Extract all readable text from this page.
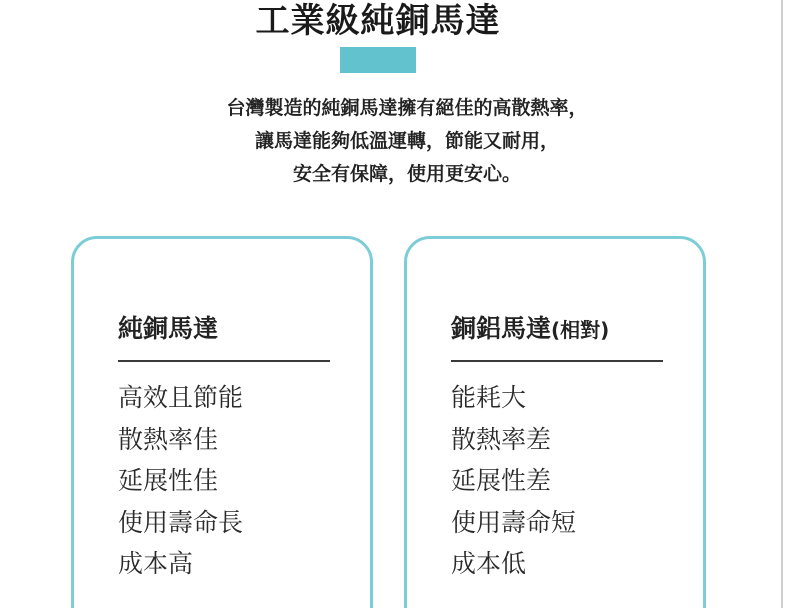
工業級純銅馬達
台灣製造的純銅馬達擁有絕佳的高散熱率，
讓馬達能夠低溫運轉，節能又耐用，
安全有保障，使用更安心。
純銅馬達
高效且節能
散熱率佳
延展性佳
使用壽命長
成本高
銅鋁馬達(相對)
能耗大
散熱率差
延展性差
使用壽命短
成本低
